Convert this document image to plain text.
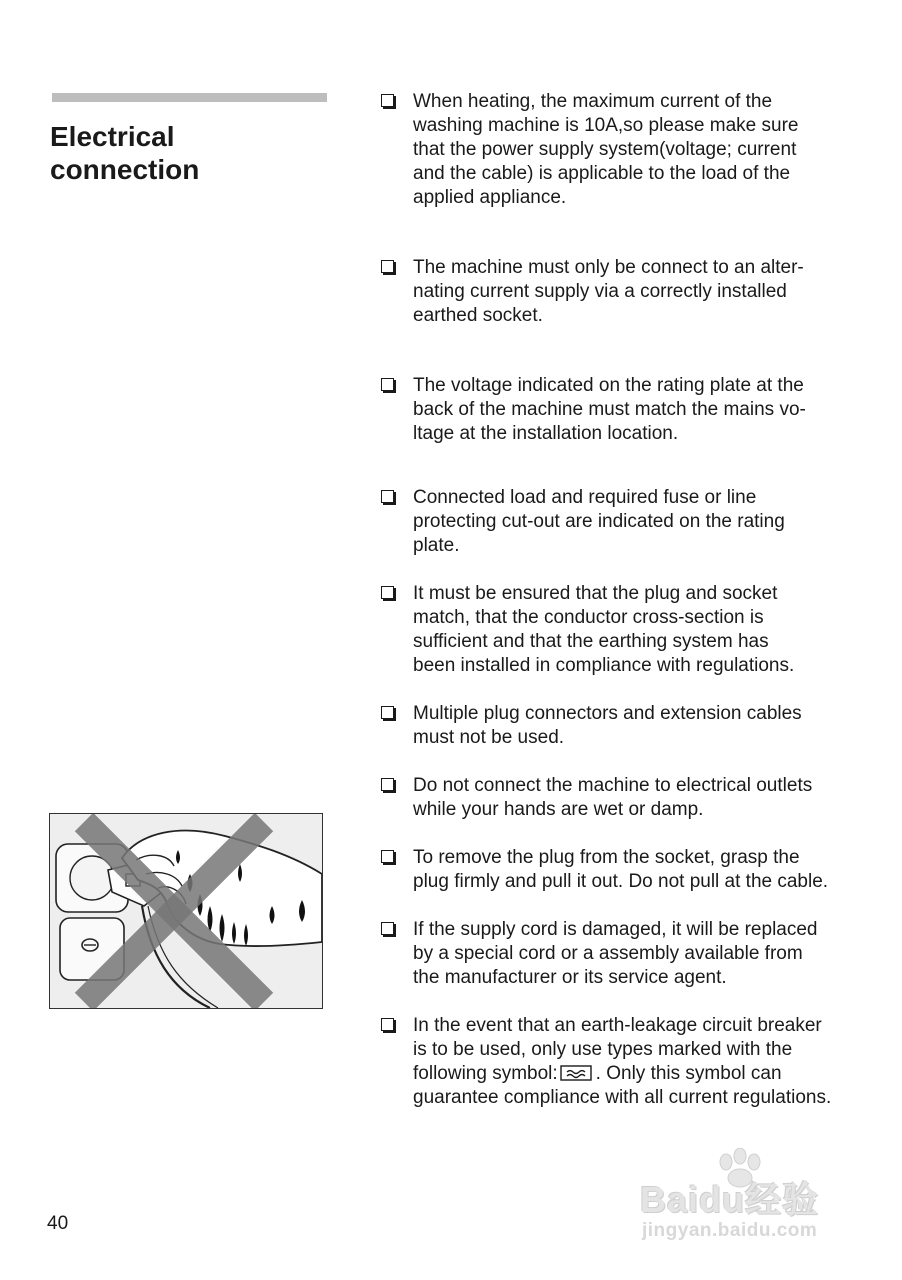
Electrical
connection
When heating, the maximum current of the
washing machine is 10A,so please make sure
that the power supply system(voltage; current
and the cable) is applicable to the load of the
applied appliance.
The machine must only be connect to an alter-
nating current supply via a correctly installed
earthed socket.
The voltage indicated on the rating plate at the
back of the machine must match the mains vo-
ltage at the installation location.
Connected load and required fuse or line
protecting cut-out are indicated on the rating
plate.
It must be ensured that the plug and socket
match, that the conductor cross-section is
sufficient and that the earthing system has
been installed in compliance with regulations.
Multiple plug connectors and extension cables
must not be used.
Do not connect the machine to electrical outlets
while your hands are wet or damp.
To remove the plug from the socket, grasp the
plug firmly and pull it out. Do not pull at the cable.
If the supply cord is damaged, it will be replaced
by a special cord or a assembly available from
the manufacturer or its service agent.
In the event that an earth-leakage circuit breaker
is to be used, only use types marked with the
following symbol: . Only this symbol can
guarantee compliance with all current regulations.
40
Baidu经验
jingyan.baidu.com
